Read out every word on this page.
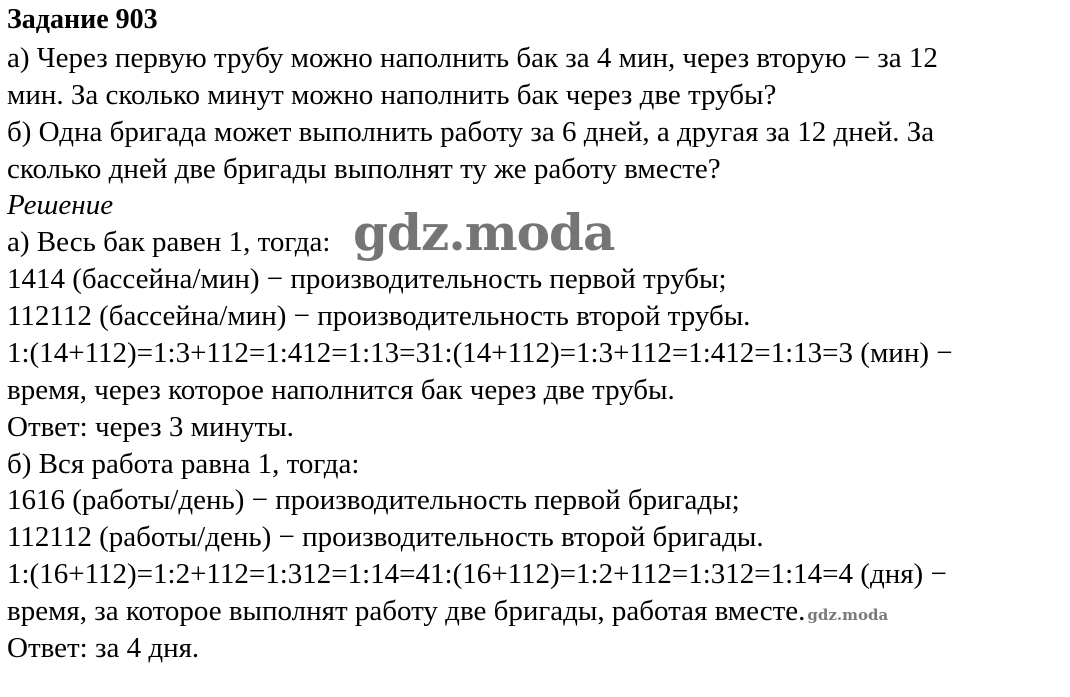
Задание 903
а) Через первую трубу можно наполнить бак за 4 мин, через вторую − за 12
мин. За сколько минут можно наполнить бак через две трубы?
б) Одна бригада может выполнить работу за 6 дней, а другая за 12 дней. За
сколько дней две бригады выполнят ту же работу вместе?
Решение
а) Весь бак равен 1, тогда:
1414 (бассейна/мин) − производительность первой трубы;
112112 (бассейна/мин) − производительность второй трубы.
1:(14+112)=1:3+112=1:412=1:13=31:(14+112)=1:3+112=1:412=1:13=3 (мин) −
время, через которое наполнится бак через две трубы.
Ответ: через 3 минуты.
б) Вся работа равна 1, тогда:
1616 (работы/день) − производительность первой бригады;
112112 (работы/день) − производительность второй бригады.
1:(16+112)=1:2+112=1:312=1:14=41:(16+112)=1:2+112=1:312=1:14=4 (дня) −
время, за которое выполнят работу две бригады, работая вместе. gdz.moda
Ответ: за 4 дня.
gdz.moda
